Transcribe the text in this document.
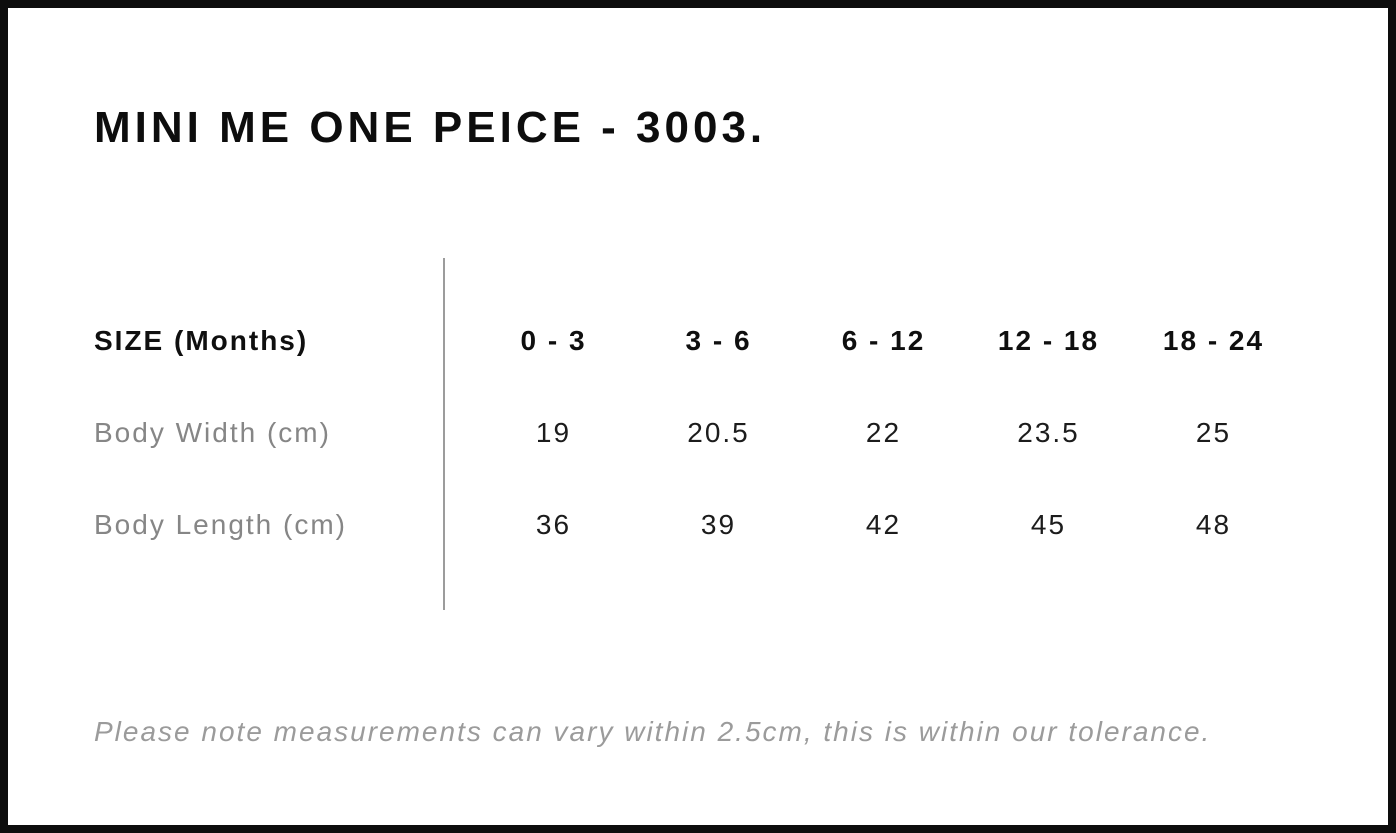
MINI ME ONE PEICE - 3003.
SIZE (Months)	0 - 3	3 - 6	6 - 12	12 - 18	18 - 24
Body Width (cm)	19	20.5	22	23.5	25
Body Length (cm)	36	39	42	45	48

Please note measurements can vary within 2.5cm, this is within our tolerance.
